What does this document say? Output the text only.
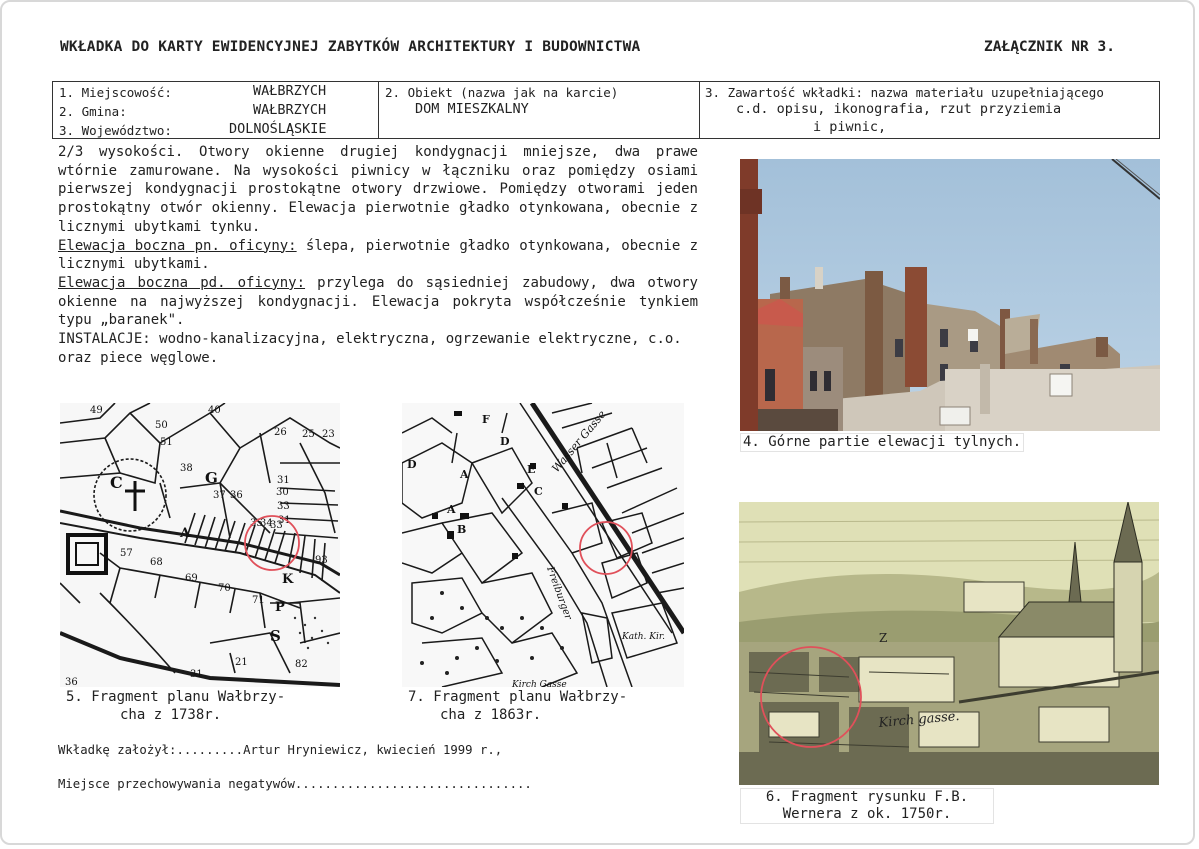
WKŁADKA DO KARTY EWIDENCYJNEJ ZABYTKÓW ARCHITEKTURY I BUDOWNICTWA	ZAŁĄCZNIK NR 3.
1. Miejscowość:	WAŁBRZYCH
2. Gmina:	WAŁBRZYCH
3. Województwo:	DOLNOŚLĄSKIE
2. Obiekt (nazwa jak na karcie)
DOM MIESZKALNY
3. Zawartość wkładki: nazwa materiału uzupełniającego
c.d. opisu, ikonografia, rzut przyziemia
i piwnic,

2/3 wysokości. Otwory okienne drugiej kondygnacji mniejsze, dwa prawe wtórnie zamurowane. Na wysokości piwnicy w łączniku oraz pomiędzy osiami pierwszej kondygnacji prostokątne otwory drzwiowe. Pomiędzy otworami jeden prostokątny otwór okienny. Elewacja pierwotnie gładko otynkowana, obecnie z licznymi ubytkami tynku.

Elewacja boczna pn. oficyny: ślepa, pierwotnie gładko otynkowana, obecnie z licznymi ubytkami.

Elewacja boczna pd. oficyny: przylega do sąsiedniej zabudowy, dwa otwory okienne na najwyższej kondygnacji. Elewacja pokryta współcześnie tynkiem typu „baranek".

INSTALACJE: wodno-kanalizacyjna, elektryczna, ogrzewanie elektryczne, c.o. oraz piece węglowe.

4. Górne partie elewacji tylnych.
49	40
26 25 23
50
51
38
G
37 36
31
30
33
31
35
34
33
C
A
57
68
69
70
71 P
S
21	82
31
K
93
36
5. Fragment planu Wałbrzy-
cha z 1738r.
Wasser Gasse
Freiburger
Kirch Gasse
Kath. Kir.
F
D
E
A
A
B
C
D
7. Fragment planu Wałbrzy-
cha z 1863r.	Kirch gasse.
Z
6. Fragment rysunku F.B.
Wernera z ok. 1750r.
Wkładkę założył:.........Artur Hryniewicz, kwiecień 1999 r.,
Miejsce przechowywania negatywów................................
